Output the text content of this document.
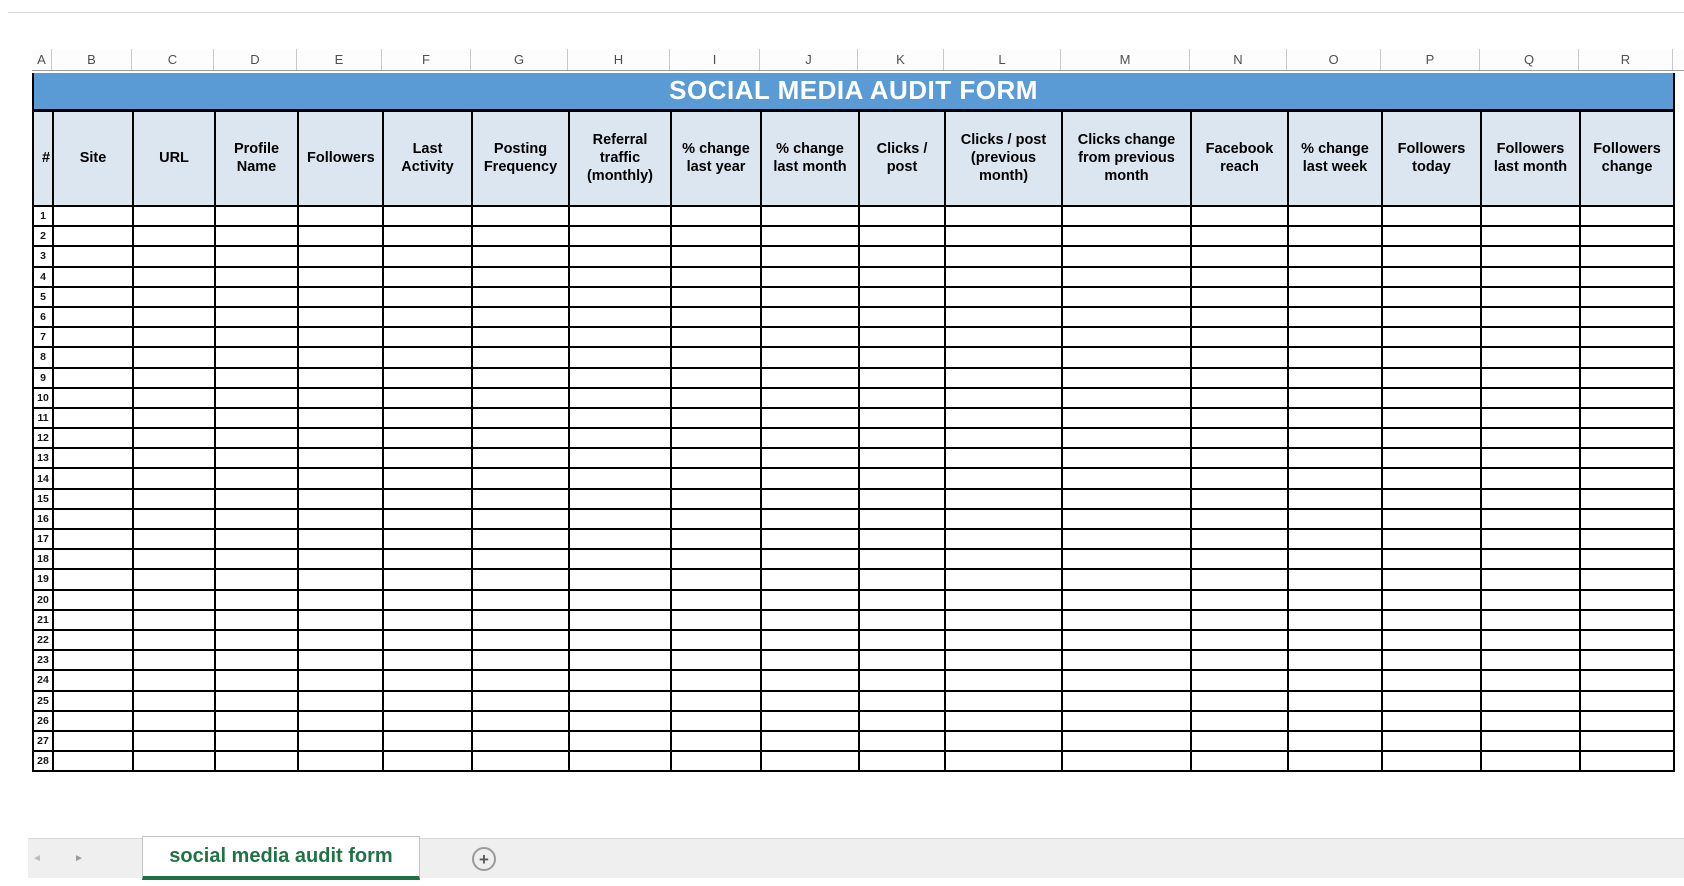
A	B	C	D	E	F	G	H	I	J	K	L	M	N	O	P	Q	R
SOCIAL MEDIA AUDIT FORM																	
#	Site	URL	Profile Name	Followers	Last Activity	Posting Frequency	Referral traffic (monthly)	% change last year	% change last month	Clicks / post	Clicks / post (previous month)	Clicks change from previous month	Facebook reach	% change last week	Followers today	Followers last month	Followers change
1																	
2																	
3																	
4																	
5																	
6																	
7																	
8																	
9																	
10																	
11																	
12																	
13																	
14																	
15																	
16																	
17																	
18																	
19																	
20																	
21																	
22																	
23																	
24																	
25																	
26																	
27																	
28																	
◄	►	social media audit form	+
